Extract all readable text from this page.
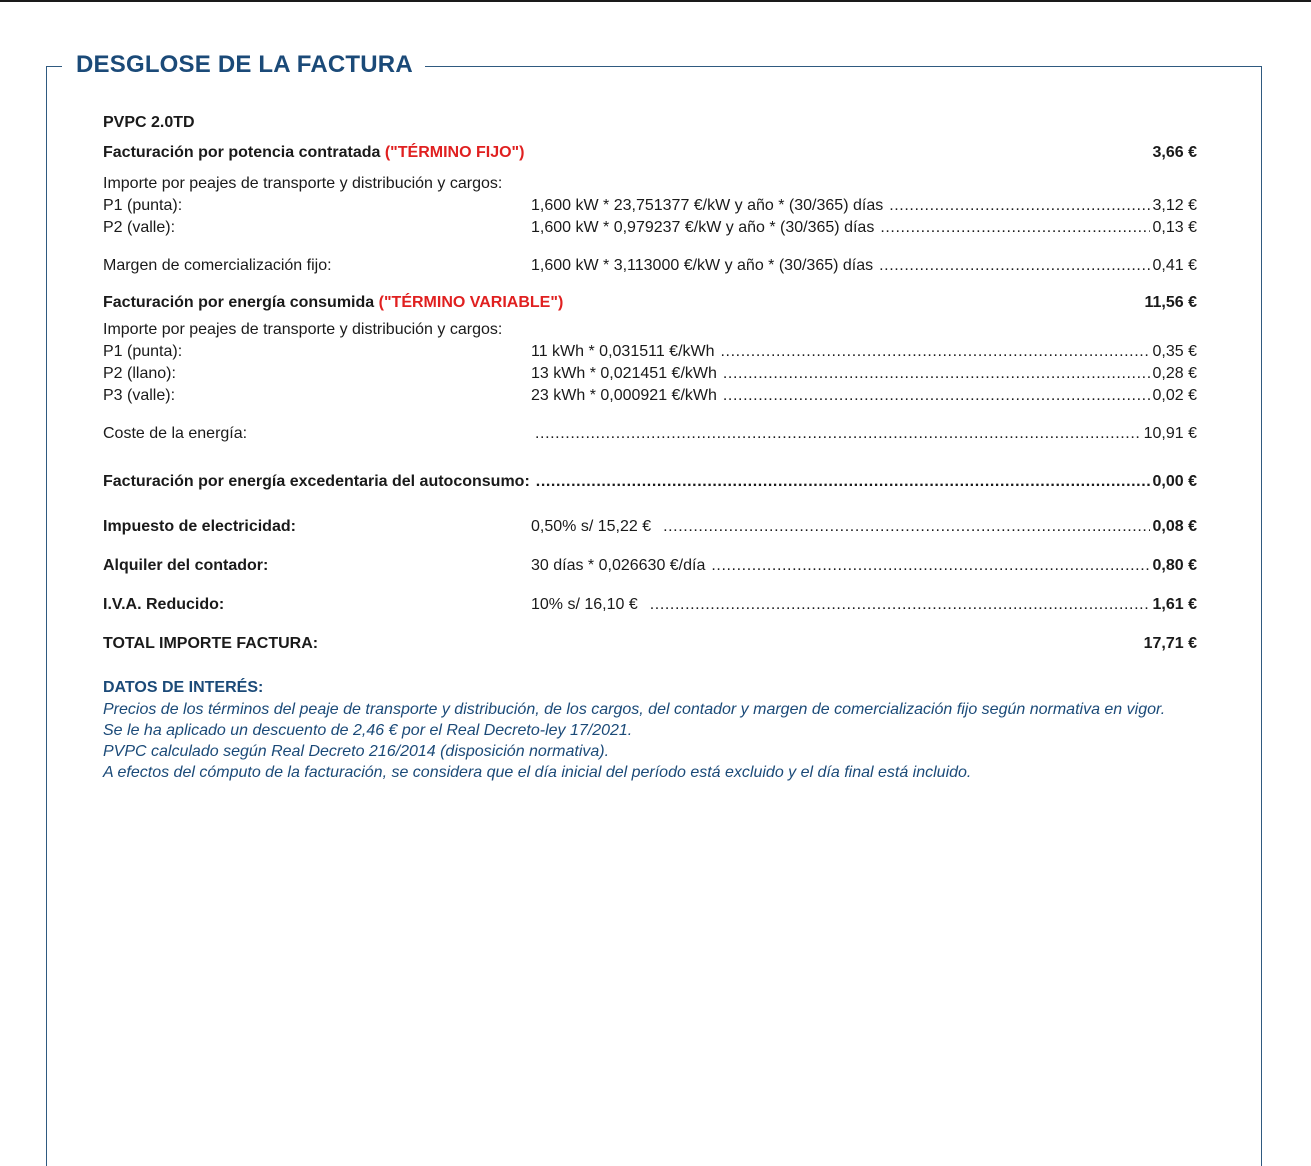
DESGLOSE DE LA FACTURA
PVPC 2.0TD
Facturación por potencia contratada
("TÉRMINO FIJO")	3,66 €
Importe por peajes de transporte y distribución y cargos:
P1 (punta):	1,600 kW * 23,751377 €/kW y año * (30/365) días .....	3,12 €
P2 (valle):	1,600 kW * 0,979237 €/kW y año * (30/365) días .....	0,13 €
Margen de comercialización fijo:	1,600 kW * 3,113000 €/kW y año * (30/365) días .....	0,41 €
Facturación por energía consumida
("TÉRMINO VARIABLE")	11,56 €
Importe por peajes de transporte y distribución y cargos:
P1 (punta):	11 kWh * 0,031511 €/kWh .....	0,35 €
P2 (llano):	13 kWh * 0,021451 €/kWh .....	0,28 €
P3 (valle):	23 kWh * 0,000921 €/kWh .....	0,02 €
Coste de la energía: .....	10,91 €
Facturación por energía excedentaria del autoconsumo: .....	0,00 €
Impuesto de electricidad:	0,50% s/ 15,22 € .....	0,08 €
Alquiler del contador:	30 días * 0,026630 €/día .....	0,80 €
I.V.A. Reducido:	10% s/ 16,10 € .....	1,61 €
TOTAL IMPORTE FACTURA:	17,71 €
DATOS DE INTERÉS:
Precios de los términos del peaje de transporte y distribución, de los cargos, del contador y margen de comercialización fijo según normativa en vigor.
Se le ha aplicado un descuento de 2,46 € por el Real Decreto-ley 17/2021.
PVPC calculado según Real Decreto 216/2014 (disposición normativa).
A efectos del cómputo de la facturación, se considera que el día inicial del período está excluido y el día final está incluido.
